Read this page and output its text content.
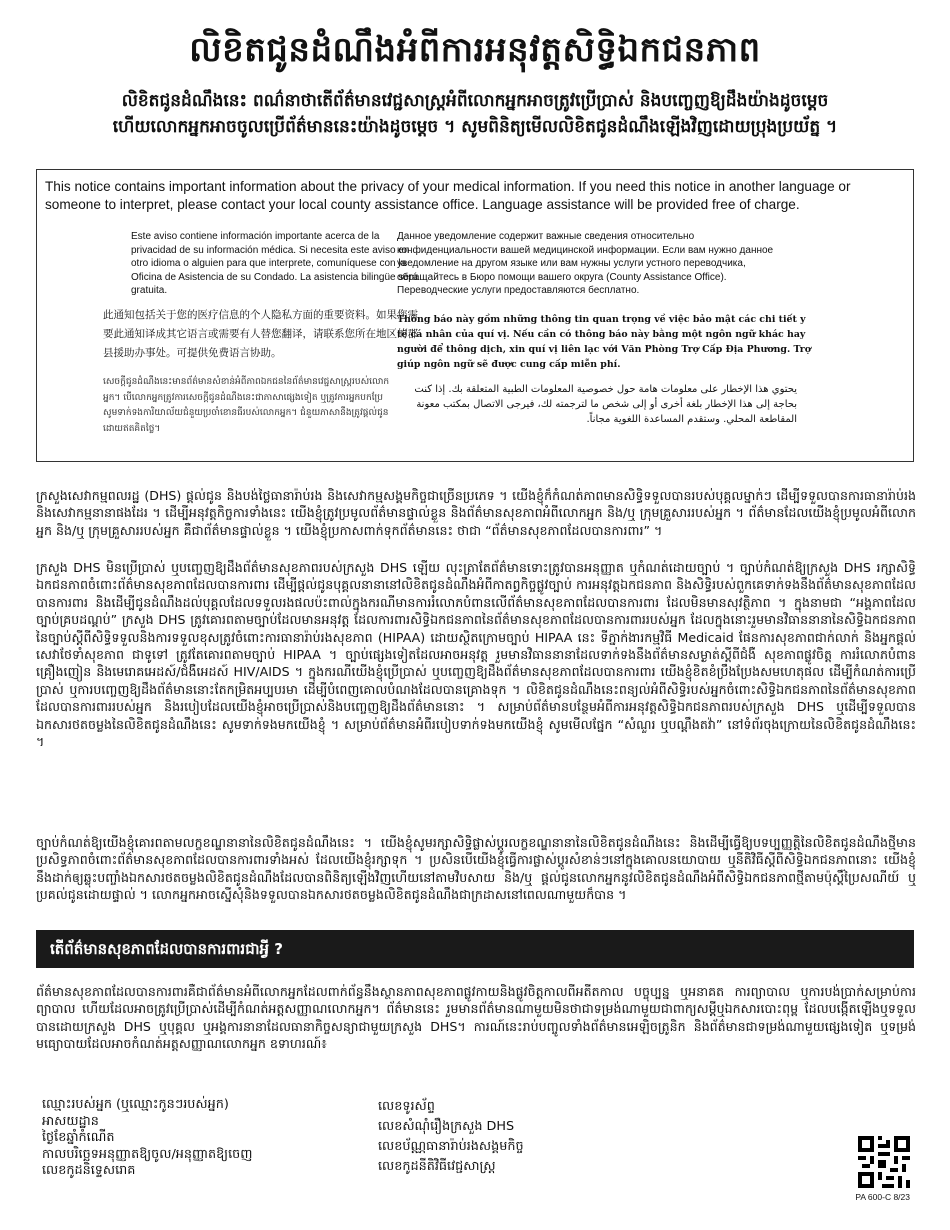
លិខិតជូនដំណឹងអំពីការអនុវត្តសិទ្ធិឯកជនភាព
លិខិតជូនដំណឹងនេះ ពណ៌នាថាតើព័ត៌មានវេជ្ជសាស្ត្រអំពីលោកអ្នកអាចត្រូវប្រើប្រាស់ និងបញ្ចេញឱ្យដឹងយ៉ាងដូចម្តេច
ហើយលោកអ្នកអាចចូលប្រើព័ត៌មាននេះយ៉ាងដូចម្តេច ។ សូមពិនិត្យមើលលិខិតជូនដំណឹងឡើងវិញដោយប្រុងប្រយ័ត្ន ។
This notice contains important information about the privacy of your medical information. If you need this notice in another language or someone to interpret, please contact your local county assistance office. Language assistance will be provided free of charge.
Este aviso contiene información importante acerca de la privacidad de su información médica. Si necesita este aviso en otro idioma o alguien para que interprete, comuníquese con la Oficina de Asistencia de su Condado. La asistencia bilingüe será gratuita.
Данное уведомление содержит важные сведения относительно конфиденциальности вашей медицинской информации. Если вам нужно данное уведомление на другом языке или вам нужны услуги устного переводчика, обращайтесь в Бюро помощи вашего округа (County Assistance Office). Переводческие услуги предоставляются бесплатно.
此通知包括关于您的医疗信息的个人隐私方面的重要资料。如果您需要此通知译成其它语言或需要有人替您翻译，请联系您所在地区的郡县援助办事处。可提供免费语言协助。
Thông báo này gồm những thông tin quan trọng về việc bảo mật các chi tiết y tế cá nhân của quí vị. Nếu cần có thông báo này bằng một ngôn ngữ khác hay người để thông dịch, xin quí vị liên lạc với Văn Phòng Trợ Cấp Địa Phương. Trợ giúp ngôn ngữ sẽ được cung cấp miễn phí.
សេចក្តីជូនដំណឹងនេះមានព័ត៌មានសំខាន់អំពីភាពឯកជននៃព័ត៌មានវេជ្ជសាស្ត្ររបស់លោកអ្នក។ បើលោកអ្នកត្រូវការសេចក្តីជូនដំណឹងនេះជាភាសាផ្សេងទៀត ឬត្រូវការអ្នកបកប្រែ សូមទាក់ទងការិយាល័យជំនួយប្រចាំខោនធីរបស់លោកអ្នក។ ជំនួយភាសានឹងត្រូវផ្តល់ជូនដោយឥតគិតថ្លៃ។
يحتوي هذا الإخطار على معلومات هامة حول خصوصية المعلومات الطبية المتعلقة بك. إذا كنت بحاجة إلى هذا الإخطار بلغة أخرى أو إلى شخص ما لترجمته لك، فيرجى الاتصال بمكتب معونة المقاطعة المحلي. وستقدم المساعدة اللغوية مجاناً.
ក្រសួងសេវាកម្មពលរដ្ឋ (DHS) ផ្តល់ជូន និងបង់ថ្លៃធានារ៉ាប់រង និងសេវាកម្មសង្គមកិច្ចជាច្រើនប្រភេទ ។ យើងខ្ញុំក៏កំណត់ភាពមានសិទ្ធិទទួលបានរបស់បុគ្គលម្នាក់ៗ ដើម្បីទទួលបានការធានារ៉ាប់រង និងសេវាកម្មនានាផងដែរ ។ ដើម្បីអនុវត្តកិច្ចការទាំងនេះ យើងខ្ញុំត្រូវប្រមូលព័ត៌មានផ្ទាល់ខ្លួន និងព័ត៌មានសុខភាពអំពីលោកអ្នក និង/ឬ ក្រុមគ្រួសាររបស់អ្នក ។ ព័ត៌មានដែលយើងខ្ញុំប្រមូលអំពីលោកអ្នក និង/ឬ ក្រុមគ្រួសាររបស់អ្នក គឺជាព័ត៌មានផ្ទាល់ខ្លួន ។ យើងខ្ញុំប្រកាសពាក់ទុកព័ត៌មាននេះ ថាជា “ព័ត៌មានសុខភាពដែលបានការពារ” ។
ក្រសួង DHS មិនប្រើប្រាស់ ឬបញ្ចេញឱ្យដឹងព័ត៌មានសុខភាពរបស់ក្រសួង DHS ឡើយ លុះត្រាតែព័ត៌មានទោះត្រូវបានអនុញ្ញាត ឬកំណត់ដោយច្បាប់ ។ ច្បាប់កំណត់ឱ្យក្រសួង DHS រក្សាសិទ្ធិឯកជនភាពចំពោះព័ត៌មានសុខភាពដែលបានការពារ ដើម្បីផ្តល់ជូនបុគ្គលនានានៅលិខិតជូនដំណឹងអំពីកាតព្វកិច្ចផ្លូវច្បាប់ ការអនុវត្តឯកជនភាព និងសិទ្ធិរបស់ពួកគេទាក់ទងនឹងព័ត៌មានសុខភាពដែលបានការពារ និងដើម្បីជូនដំណឹងដល់បុគ្គលដែលទទួលរងផលប៉ះពាល់ក្នុងករណីមានការរំលោភបំពានលើព័ត៌មានសុខភាពដែលបានការពារ ដែលមិនមានសុវត្ថិភាព ។ ក្នុងនាមជា “អង្គភាពដែលច្បាប់គ្របដណ្តប់” ក្រសួង DHS ត្រូវគោរពតាមច្បាប់ដែលមានអនុវត្ត ដែលការពារសិទ្ធិឯកជនភាពនៃព័ត៌មានសុខភាពដែលបានការពាររបស់អ្នក ដែលក្នុងនោះរួមមានវិធាននានានៃសិទ្ធិឯកជនភាពនៃច្បាប់ស្តីពីសិទ្ធិទទួលនិងការទទួលខុសត្រូវចំពោះការធានារ៉ាប់រងសុខភាព (HIPAA) ដោយស្ថិតក្រោមច្បាប់ HIPAA នេះ ទីភ្នាក់ងារកម្មវិធី Medicaid ផែនការសុខភាពជាក់លាក់ និងអ្នកផ្តល់សេវាថែទាំសុខភាព ជាទូទៅ ត្រូវតែគោរពតាមច្បាប់ HIPAA ។ ច្បាប់ផ្សេងទៀតដែលអាចអនុវត្ត រួមមានវិធាននានាដែលទាក់ទងនឹងព័ត៌មានសម្ងាត់ស្តីពីជំងឺ សុខភាពផ្លូវចិត្ត ការរំលោភបំពានគ្រឿងញៀន និងមេរោគអេដស៍/ជំងឺអេដស៍ HIV/AIDS ។ ក្នុងករណីយើងខ្ញុំប្រើប្រាស់ ឬបញ្ចេញឱ្យដឹងព័ត៌មានសុខភាពដែលបានការពារ យើងខ្ញុំខិតខំប្រឹងប្រែងសមហេតុផល ដើម្បីកំណត់ការប្រើប្រាស់ ឬការបញ្ចេញឱ្យដឹងព័ត៌មាននោះតែកម្រិតអប្បបរមា ដើម្បីបំពេញគោលបំណងដែលបានគ្រោងទុក ។ លិខិតជូនដំណឹងនេះពន្យល់អំពីសិទ្ធិរបស់អ្នកចំពោះសិទ្ធិឯកជនភាពនៃព័ត៌មានសុខភាពដែលបានការពាររបស់អ្នក និងរបៀបដែលយើងខ្ញុំអាចប្រើប្រាស់និងបញ្ចេញឱ្យដឹងព័ត៌មាននោះ ។ សម្រាប់ព័ត៌មានបន្ថែមអំពីការអនុវត្តសិទ្ធិឯកជនភាពរបស់ក្រសួង DHS ឬដើម្បីទទួលបានឯកសារថតចម្លងនៃលិខិតជូនដំណឹងនេះ សូមទាក់ទងមកយើងខ្ញុំ ។ សម្រាប់ព័ត៌មានអំពីរបៀបទាក់ទងមកយើងខ្ញុំ សូមមើលផ្នែក “សំណួរ ឬបណ្តឹងតវ៉ា” នៅទំព័រចុងក្រោយនៃលិខិតជូនដំណឹងនេះ ។
ច្បាប់កំណត់ឱ្យយើងខ្ញុំគោរពតាមលក្ខខណ្ឌនានានៃលិខិតជូនដំណឹងនេះ ។ យើងខ្ញុំសូមរក្សាសិទ្ធិផ្លាស់ប្តូរលក្ខខណ្ឌនានានៃលិខិតជូនដំណឹងនេះ និងដើម្បីធ្វើឱ្យបទប្បញ្ញត្តិនៃលិខិតជូនដំណឹងថ្មីមានប្រសិទ្ធភាពចំពោះព័ត៌មានសុខភាពដែលបានការពារទាំងអស់ ដែលយើងខ្ញុំរក្សាទុក ។ ប្រសិនបើយើងខ្ញុំធ្វើការផ្លាស់ប្តូរសំខាន់ៗនៅក្នុងគោលនយោបាយ ឬនីតិវិធីស្តីពីសិទ្ធិឯកជនភាពនោះ យើងខ្ញុំនឹងដាក់ឲ្យឆ្លុះបញ្ចាំងឯកសារថតចម្លងលិខិតជូនដំណឹងដែលបានពិនិត្យឡើងវិញហើយនៅតាមវិបសាយ និង/ឬ ផ្តល់ជូនលោកអ្នកនូវលិខិតជូនដំណឹងអំពីសិទ្ធិឯកជនភាពថ្មីតាមប៉ុស្តិ៍ប្រៃសណីយ៍ ឬប្រគល់ជូនដោយផ្ទាល់ ។ លោកអ្នកអាចស្នើសុំនិងទទួលបានឯកសារថតចម្លងលិខិតជូនដំណឹងជាក្រដាសនៅពេលណាមួយក៏បាន ។
តើព័ត៌មានសុខភាពដែលបានការពារជាអ្វី ?
ព័ត៌មានសុខភាពដែលបានការពារគឺជាព័ត៌មានអំពីលោកអ្នកដែលពាក់ព័ន្ធនឹងស្ថានភាពសុខភាពផ្លូវកាយនិងផ្លូវចិត្តកាលពីអតីតកាល បច្ចុប្បន្ន ឬអនាគត ការព្យាបាល ឬការបង់ប្រាក់សម្រាប់ការព្យាបាល ហើយដែលអាចត្រូវប្រើប្រាស់ដើម្បីកំណត់អត្តសញ្ញាណលោកអ្នក។ ព័ត៌មាននេះ រួមមានព័ត៌មានណាមួយមិនថាជាទម្រង់ណាមួយជាពាក្យសម្តីឬឯកសារបោះពុម្ព ដែលបង្កើតឡើងឬទទួលបានដោយក្រសួង DHS ឬបុគ្គល ឬអង្គការនានាដែលធានាកិច្ចសន្យាជាមួយក្រសួង DHS។ ការណ៍នេះរាប់បញ្ចូលទាំងព័ត៌មានអេឡិចត្រូនិក និងព័ត៌មានជាទម្រង់ណាមួយផ្សេងទៀត ឬទម្រង់មធ្យោបាយដែលអាចកំណត់អត្តសញ្ញាណលោកអ្នក ឧទាហរណ៍៖
ឈ្មោះរបស់អ្នក (ឬឈ្មោះកូនៗរបស់អ្នក)
អាសយដ្ឋាន
ថ្ងៃខែឆ្នាំកំណើត
កាលបរិច្ឆេទអនុញ្ញាតឱ្យចូល/អនុញ្ញាតឱ្យចេញ
លេខកូដនិទ្ទេសរោគ
លេខទូរស័ព្ទ
លេខសំណុំរឿងក្រសួង DHS
លេខប័ណ្ណធានារ៉ាប់រងសង្គមកិច្ច
លេខកូដនីតិវិធីវេជ្ជសាស្ត្រ
PA 600-C 8/23
